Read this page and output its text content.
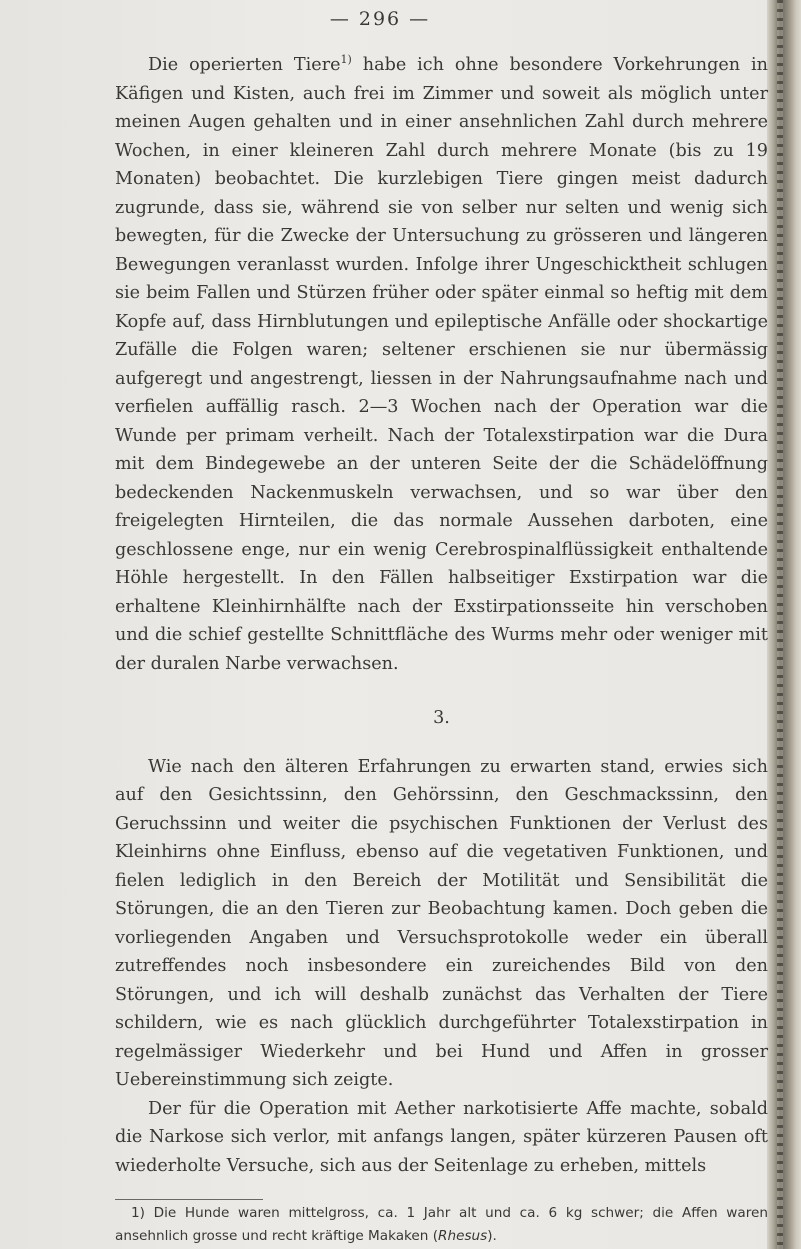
— 296 —

Die operierten Tiere$^{1)}$ habe ich ohne besondere Vorkehrungen in Käfigen und Kisten, auch frei im Zimmer und soweit als möglich unter meinen Augen gehalten und in einer ansehnlichen Zahl durch mehrere Wochen, in einer kleineren Zahl durch mehrere Monate (bis zu 19 Monaten) beobachtet. Die kurzlebigen Tiere gingen meist dadurch zugrunde, dass sie, während sie von selber nur selten und wenig sich bewegten, für die Zwecke der Untersuchung zu grösseren und längeren Bewegungen veranlasst wurden. Infolge ihrer Ungeschicktheit schlugen sie beim Fallen und Stürzen früher oder später einmal so heftig mit dem Kopfe auf, dass Hirnblutungen und epileptische Anfälle oder shockartige Zufälle die Folgen waren; seltener erschienen sie nur übermässig aufgeregt und angestrengt, liessen in der Nahrungsaufnahme nach und verfielen auffällig rasch. 2—3 Wochen nach der Operation war die Wunde per primam verheilt. Nach der Totalexstirpation war die Dura mit dem Bindegewebe an der unteren Seite der die Schädelöffnung bedeckenden Nackenmuskeln verwachsen, und so war über den freigelegten Hirnteilen, die das normale Aussehen darboten, eine geschlossene enge, nur ein wenig Cerebrospinalflüssigkeit enthaltende Höhle hergestellt. In den Fällen halbseitiger Exstirpation war die erhaltene Kleinhirnhälfte nach der Exstirpationsseite hin verschoben und die schief gestellte Schnittfläche des Wurms mehr oder weniger mit der duralen Narbe verwachsen.

3.

Wie nach den älteren Erfahrungen zu erwarten stand, erwies sich auf den Gesichtssinn, den Gehörssinn, den Geschmackssinn, den Geruchssinn und weiter die psychischen Funktionen der Verlust des Kleinhirns ohne Einfluss, ebenso auf die vegetativen Funktionen, und fielen lediglich in den Bereich der Motilität und Sensibilität die Störungen, die an den Tieren zur Beobachtung kamen. Doch geben die vorliegenden Angaben und Versuchsprotokolle weder ein überall zutreffendes noch insbesondere ein zureichendes Bild von den Störungen, und ich will deshalb zunächst das Verhalten der Tiere schildern, wie es nach glücklich durchgeführter Totalexstirpation in regelmässiger Wiederkehr und bei Hund und Affen in grosser Uebereinstimmung sich zeigte.

Der für die Operation mit Aether narkotisierte Affe machte, sobald die Narkose sich verlor, mit anfangs langen, später kürzeren Pausen oft wiederholte Versuche, sich aus der Seitenlage zu erheben, mittels

1) Die Hunde waren mittelgross, ca. 1 Jahr alt und ca. 6 kg schwer; die Affen waren ansehnlich grosse und recht kräftige Makaken (Rhesus).
